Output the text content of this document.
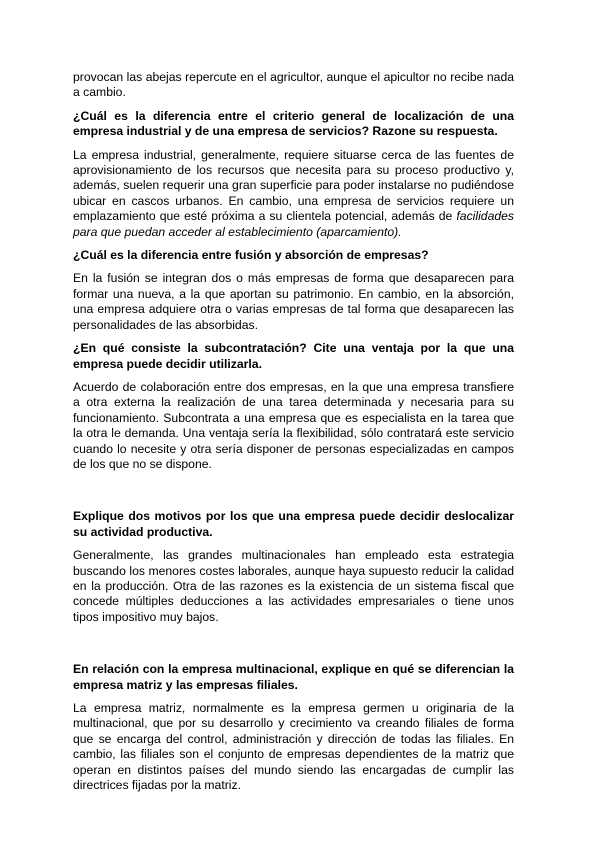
provocan las abejas repercute en el agricultor, aunque el apicultor no recibe nada a cambio.

¿Cuál es la diferencia entre el criterio general de localización de una empresa industrial y de una empresa de servicios? Razone su respuesta.

La empresa industrial, generalmente, requiere situarse cerca de las fuentes de aprovisionamiento de los recursos que necesita para su proceso productivo y, además, suelen requerir una gran superficie para poder instalarse no pudiéndose ubicar en cascos urbanos. En cambio, una empresa de servicios requiere un emplazamiento que esté próxima a su clientela potencial, además de facilidades para que puedan acceder al establecimiento (aparcamiento).

¿Cuál es la diferencia entre fusión y absorción de empresas?

En la fusión se integran dos o más empresas de forma que desaparecen para formar una nueva, a la que aportan su patrimonio. En cambio, en la absorción, una empresa adquiere otra o varias empresas de tal forma que desaparecen las personalidades de las absorbidas.

¿En qué consiste la subcontratación? Cite una ventaja por la que una empresa puede decidir utilizarla.

Acuerdo de colaboración entre dos empresas, en la que una empresa transfiere a otra externa la realización de una tarea determinada y necesaria para su funcionamiento. Subcontrata a una empresa que es especialista en la tarea que la otra le demanda. Una ventaja sería la flexibilidad, sólo contratará este servicio cuando lo necesite y otra sería disponer de personas especializadas en campos de los que no se dispone.

Explique dos motivos por los que una empresa puede decidir deslocalizar su actividad productiva.

Generalmente, las grandes multinacionales han empleado esta estrategia buscando los menores costes laborales, aunque haya supuesto reducir la calidad en la producción. Otra de las razones es la existencia de un sistema fiscal que concede múltiples deducciones a las actividades empresariales o tiene unos tipos impositivo muy bajos.

En relación con la empresa multinacional, explique en qué se diferencian la empresa matriz y las empresas filiales.

La empresa matriz, normalmente es la empresa germen u originaria de la multinacional, que por su desarrollo y crecimiento va creando filiales de forma que se encarga del control, administración y dirección de todas las filiales. En cambio, las filiales son el conjunto de empresas dependientes de la matriz que operan en distintos países del mundo siendo las encargadas de cumplir las directrices fijadas por la matriz.
